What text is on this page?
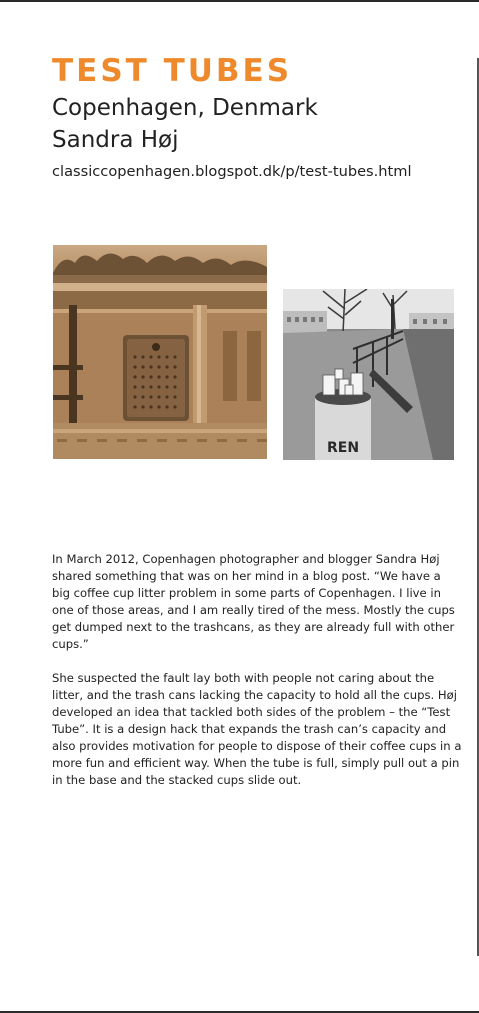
TEST TUBES
Copenhagen, Denmark
Sandra Høj
classiccopenhagen.blogspot.dk/p/test-tubes.html
REN

In March 2012, Copenhagen photographer and blogger Sandra Høj shared something that was on her mind in a blog post. “We have a big coffee cup litter problem in some parts of Copenhagen. I live in one of those areas, and I am really tired of the mess. Mostly the cups get dumped next to the trashcans, as they are already full with other cups.”

She suspected the fault lay both with people not caring about the litter, and the trash cans lacking the capacity to hold all the cups. Høj developed an idea that tackled both sides of the problem – the “Test Tube”. It is a design hack that expands the trash can’s capacity and also provides motivation for people to dispose of their coffee cups in a more fun and efficient way. When the tube is full, simply pull out a pin in the base and the stacked cups slide out.
